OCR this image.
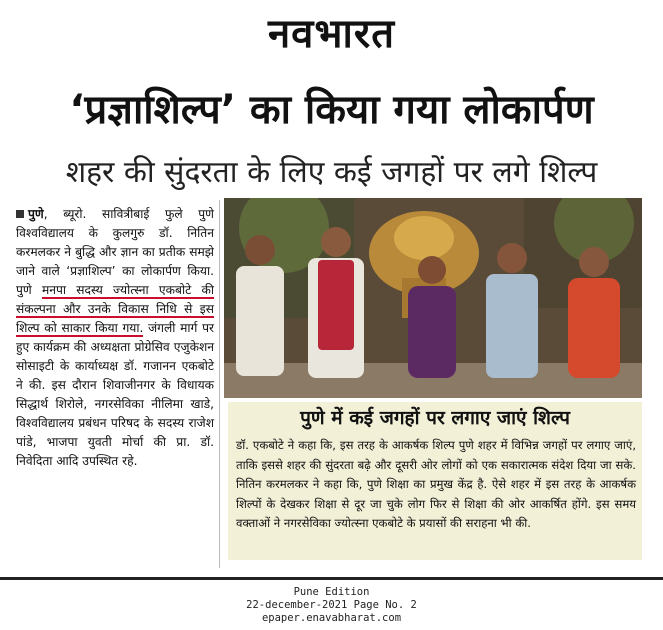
नवभारत
‘प्रज्ञाशिल्प’ का किया गया लोकार्पण
शहर की सुंदरता के लिए कई जगहों पर लगे शिल्प
पुणे, ब्यूरो. सावित्रीबाई फुले पुणे विश्वविद्यालय के कुलगुरु डॉ. नितिन करमलकर ने बुद्धि और ज्ञान का प्रतीक समझे जाने वाले ‘प्रज्ञाशिल्प’ का लोकार्पण किया. पुणे मनपा सदस्य ज्योत्स्ना एकबोटे की संकल्पना और उनके विकास निधि से इस शिल्प को साकार किया गया. जंगली मार्ग पर हुए कार्यक्रम की अध्यक्षता प्रोग्रेसिव एजुकेशन सोसाइटी के कार्याध्यक्ष डॉ. गजानन एकबोटे ने की. इस दौरान शिवाजीनगर के विधायक सिद्धार्थ शिरोले, नगरसेविका नीलिमा खाडे, विश्वविद्यालय प्रबंधन परिषद के सदस्य राजेश पांडे, भाजपा युवती मोर्चा की प्रा. डॉ. निवेदिता आदि उपस्थित रहे.
पुणे में कई जगहों पर लगाए जाएं शिल्प
डॉ. एकबोटे ने कहा कि, इस तरह के आकर्षक शिल्प पुणे शहर में विभिन्न जगहों पर लगाए जाएं, ताकि इससे शहर की सुंदरता बढ़े और दूसरी ओर लोगों को एक सकारात्मक संदेश दिया जा सके. नितिन करमलकर ने कहा कि, पुणे शिक्षा का प्रमुख केंद्र है. ऐसे शहर में इस तरह के आकर्षक शिल्पों के देखकर शिक्षा से दूर जा चुके लोग फिर से शिक्षा की ओर आकर्षित होंगे. इस समय वक्ताओं ने नगरसेविका ज्योत्स्ना एकबोटे के प्रयासों की सराहना भी की.
Pune Edition
22-december-2021 Page No. 2
epaper.enavabharat.com
